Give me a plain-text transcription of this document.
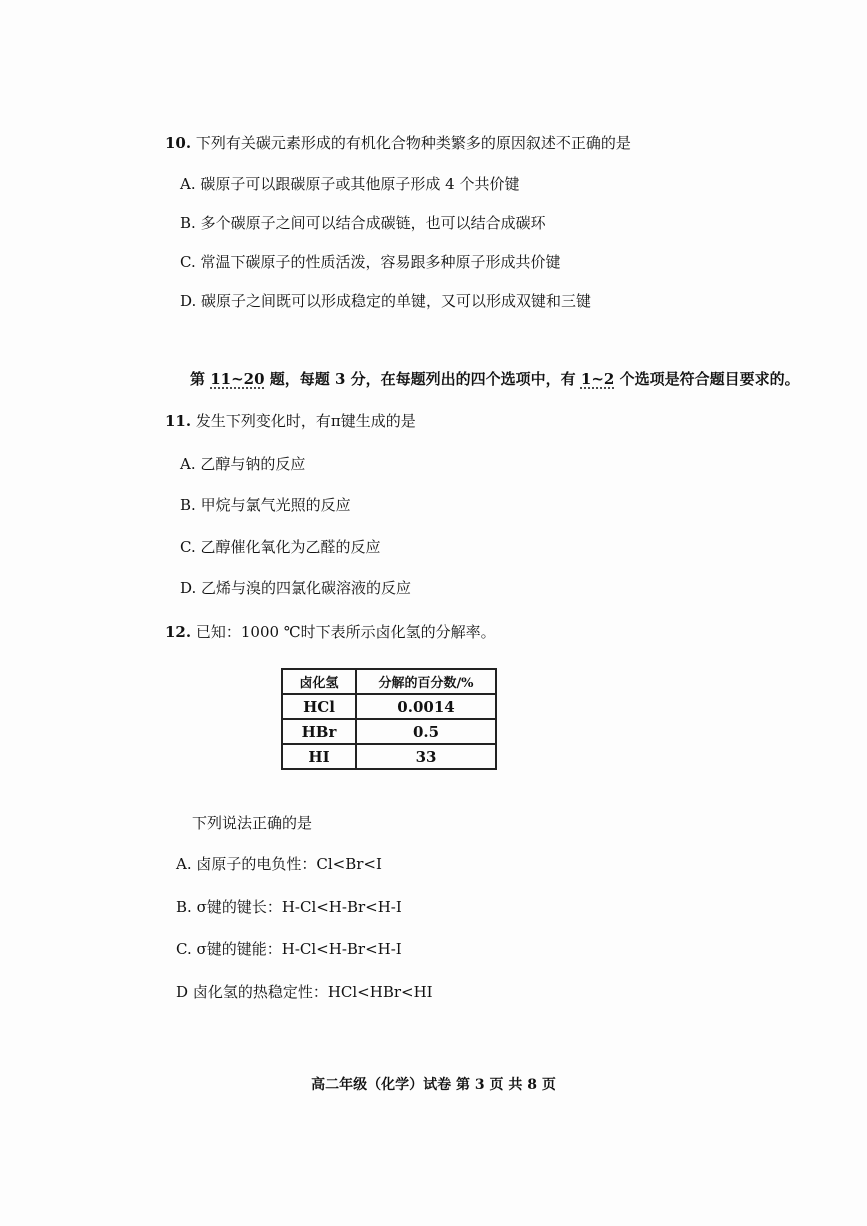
10. 下列有关碳元素形成的有机化合物种类繁多的原因叙述不正确的是
A. 碳原子可以跟碳原子或其他原子形成 4 个共价键
B. 多个碳原子之间可以结合成碳链，也可以结合成碳环
C. 常温下碳原子的性质活泼，容易跟多种原子形成共价键
D. 碳原子之间既可以形成稳定的单键，又可以形成双键和三键
第 11~20 题，每题 3 分，在每题列出的四个选项中，有 1~2 个选项是符合题目要求的。
11. 发生下列变化时，有π键生成的是
A. 乙醇与钠的反应
B. 甲烷与氯气光照的反应
C. 乙醇催化氧化为乙醛的反应
D. 乙烯与溴的四氯化碳溶液的反应
12. 已知：1000 ℃时下表所示卤化氢的分解率。
卤化氢	分解的百分数/%
HCl	0.0014
HBr	0.5
HI	33
下列说法正确的是
A. 卤原子的电负性：Cl<Br<I
B. σ键的键长：H-Cl<H-Br<H-I
C. σ键的键能：H-Cl<H-Br<H-I
D 卤化氢的热稳定性：HCl<HBr<HI
高二年级（化学）试卷 第 3 页 共 8 页
